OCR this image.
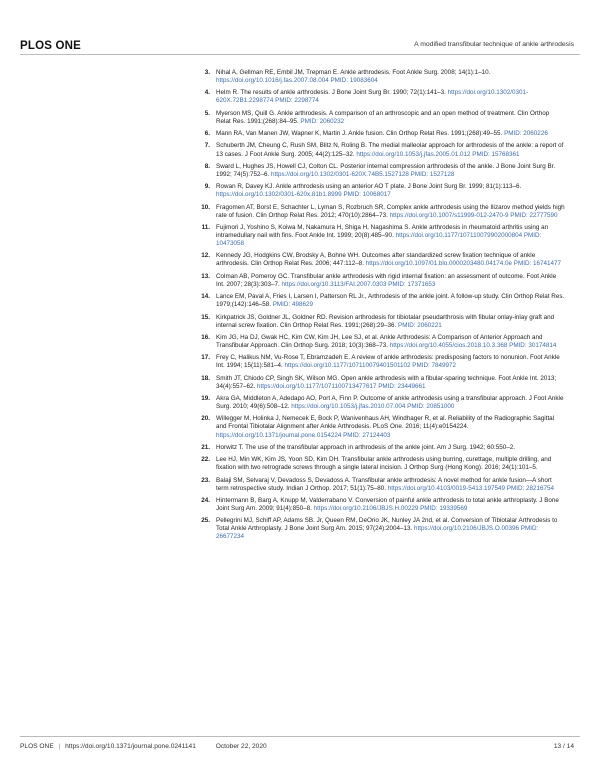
PLOS ONE	A modified transfibular technique of ankle arthrodesis
3. Nihal A, Gellman RE, Embil JM, Trepman E. Ankle arthrodesis. Foot Ankle Surg. 2008; 14(1):1–10. https://doi.org/10.1016/j.fas.2007.08.004 PMID: 19083604
4. Helm R. The results of ankle arthrodesis. J Bone Joint Surg Br. 1990; 72(1):141–3. https://doi.org/10.1302/0301-620X.72B1.2298774 PMID: 2298774
5. Myerson MS, Quill G. Ankle arthrodesis. A comparison of an arthroscopic and an open method of treatment. Clin Orthop Relat Res. 1991;(268):84–95. PMID: 2060232
6. Mann RA, Van Manen JW, Wapner K, Martin J. Ankle fusion. Clin Orthop Relat Res. 1991;(268):49–55. PMID: 2060226
7. Schuberth JM, Cheung C, Rush SM, Blitz N, Roling B. The medial malleolar approach for arthrodesis of the ankle: a report of 13 cases. J Foot Ankle Surg. 2005; 44(2):125–32. https://doi.org/10.1053/j.jfas.2005.01.012 PMID: 15768361
8. Sward L, Hughes JS, Howell CJ, Colton CL. Posterior internal compression arthrodesis of the ankle. J Bone Joint Surg Br. 1992; 74(5):752–6. https://doi.org/10.1302/0301-620X.74B5.1527128 PMID: 1527128
9. Rowan R, Davey KJ. Ankle arthrodesis using an anterior AO T plate. J Bone Joint Surg Br. 1999; 81(1):113–6. https://doi.org/10.1302/0301-620x.81b1.8999 PMID: 10068017
10. Fragomen AT, Borst E, Schachter L, Lyman S, Rozbruch SR. Complex ankle arthrodesis using the Ilizarov method yields high rate of fusion. Clin Orthop Relat Res. 2012; 470(10):2864–73. https://doi.org/10.1007/s11999-012-2470-9 PMID: 22777590
11. Fujimori J, Yoshino S, Koiwa M, Nakamura H, Shiga H, Nagashima S. Ankle arthrodesis in rheumatoid arthritis using an intramedullary nail with fins. Foot Ankle Int. 1999; 20(8):485–90. https://doi.org/10.1177/107110079902000804 PMID: 10473058
12. Kennedy JG, Hodgkins CW, Brodsky A, Bohne WH. Outcomes after standardized screw fixation technique of ankle arthrodesis. Clin Orthop Relat Res. 2006; 447:112–8. https://doi.org/10.1097/01.blo.0000203480.04174.0e PMID: 16741477
13. Colman AB, Pomeroy GC. Transfibular ankle arthrodesis with rigid internal fixation: an assessment of outcome. Foot Ankle Int. 2007; 28(3):303–7. https://doi.org/10.3113/FAI.2007.0303 PMID: 17371653
14. Lance EM, Paval A, Fries I, Larsen I, Patterson RL Jr., Arthrodesis of the ankle joint. A follow-up study. Clin Orthop Relat Res. 1979;(142):146–58. PMID: 498629
15. Kirkpatrick JS, Goldner JL, Goldner RD. Revision arthrodesis for tibiotalar pseudarthrosis with fibular onlay-inlay graft and internal screw fixation. Clin Orthop Relat Res. 1991;(268):29–36. PMID: 2060221
16. Kim JG, Ha DJ, Gwak HC, Kim CW, Kim JH, Lee SJ, et al. Ankle Arthrodesis: A Comparison of Anterior Approach and Transfibular Approach. Clin Orthop Surg. 2018; 10(3):368–73. https://doi.org/10.4055/cios.2018.10.3.368 PMID: 30174814
17. Frey C, Halikus NM, Vu-Rose T, Ebramzadeh E. A review of ankle arthrodesis: predisposing factors to nonunion. Foot Ankle Int. 1994; 15(11):581–4. https://doi.org/10.1177/107110079401501102 PMID: 7849972
18. Smith JT, Chiodo CP, Singh SK, Wilson MG. Open ankle arthrodesis with a fibular-sparing technique. Foot Ankle Int. 2013; 34(4):557–62. https://doi.org/10.1177/1071100713477617 PMID: 23449661
19. Akra GA, Middleton A, Adedapo AO, Port A, Finn P. Outcome of ankle arthrodesis using a transfibular approach. J Foot Ankle Surg. 2010; 49(6):508–12. https://doi.org/10.1053/j.jfas.2010.07.004 PMID: 20851000
20. Willegger M, Holinka J, Nemecek E, Bock P, Wanivenhaus AH, Windhager R, et al. Reliability of the Radiographic Sagittal and Frontal Tibiotalar Alignment after Ankle Arthrodesis. PLoS One. 2016; 11(4):e0154224. https://doi.org/10.1371/journal.pone.0154224 PMID: 27124403
21. Horwitz T. The use of the transfibular approach in arthrodesis of the ankle joint. Am J Surg. 1942; 60:550–2.
22. Lee HJ, Min WK, Kim JS, Yoon SD, Kim DH. Transfibular ankle arthrodesis using burring, curettage, multiple drilling, and fixation with two retrograde screws through a single lateral incision. J Orthop Surg (Hong Kong). 2016; 24(1):101–5.
23. Balaji SM, Selvaraj V, Devadoss S, Devadoss A. Transfibular ankle arthrodesis: A novel method for ankle fusion—A short term retrospective study. Indian J Orthop. 2017; 51(1):75–80. https://doi.org/10.4103/0019-5413.197549 PMID: 28216754
24. Hintermann B, Barg A, Knupp M, Valderrabano V. Conversion of painful ankle arthrodesis to total ankle arthroplasty. J Bone Joint Surg Am. 2009; 91(4):850–8. https://doi.org/10.2106/JBJS.H.00229 PMID: 19339569
25. Pellegrini MJ, Schiff AP, Adams SB. Jr, Queen RM, DeOrio JK, Nunley JA 2nd, et al. Conversion of Tibiotalar Arthrodesis to Total Ankle Arthroplasty. J Bone Joint Surg Am. 2015; 97(24):2004–13. https://doi.org/10.2106/JBJS.O.00396 PMID: 26677234
PLOS ONE | https://doi.org/10.1371/journal.pone.0241141	October 22, 2020	13 / 14
